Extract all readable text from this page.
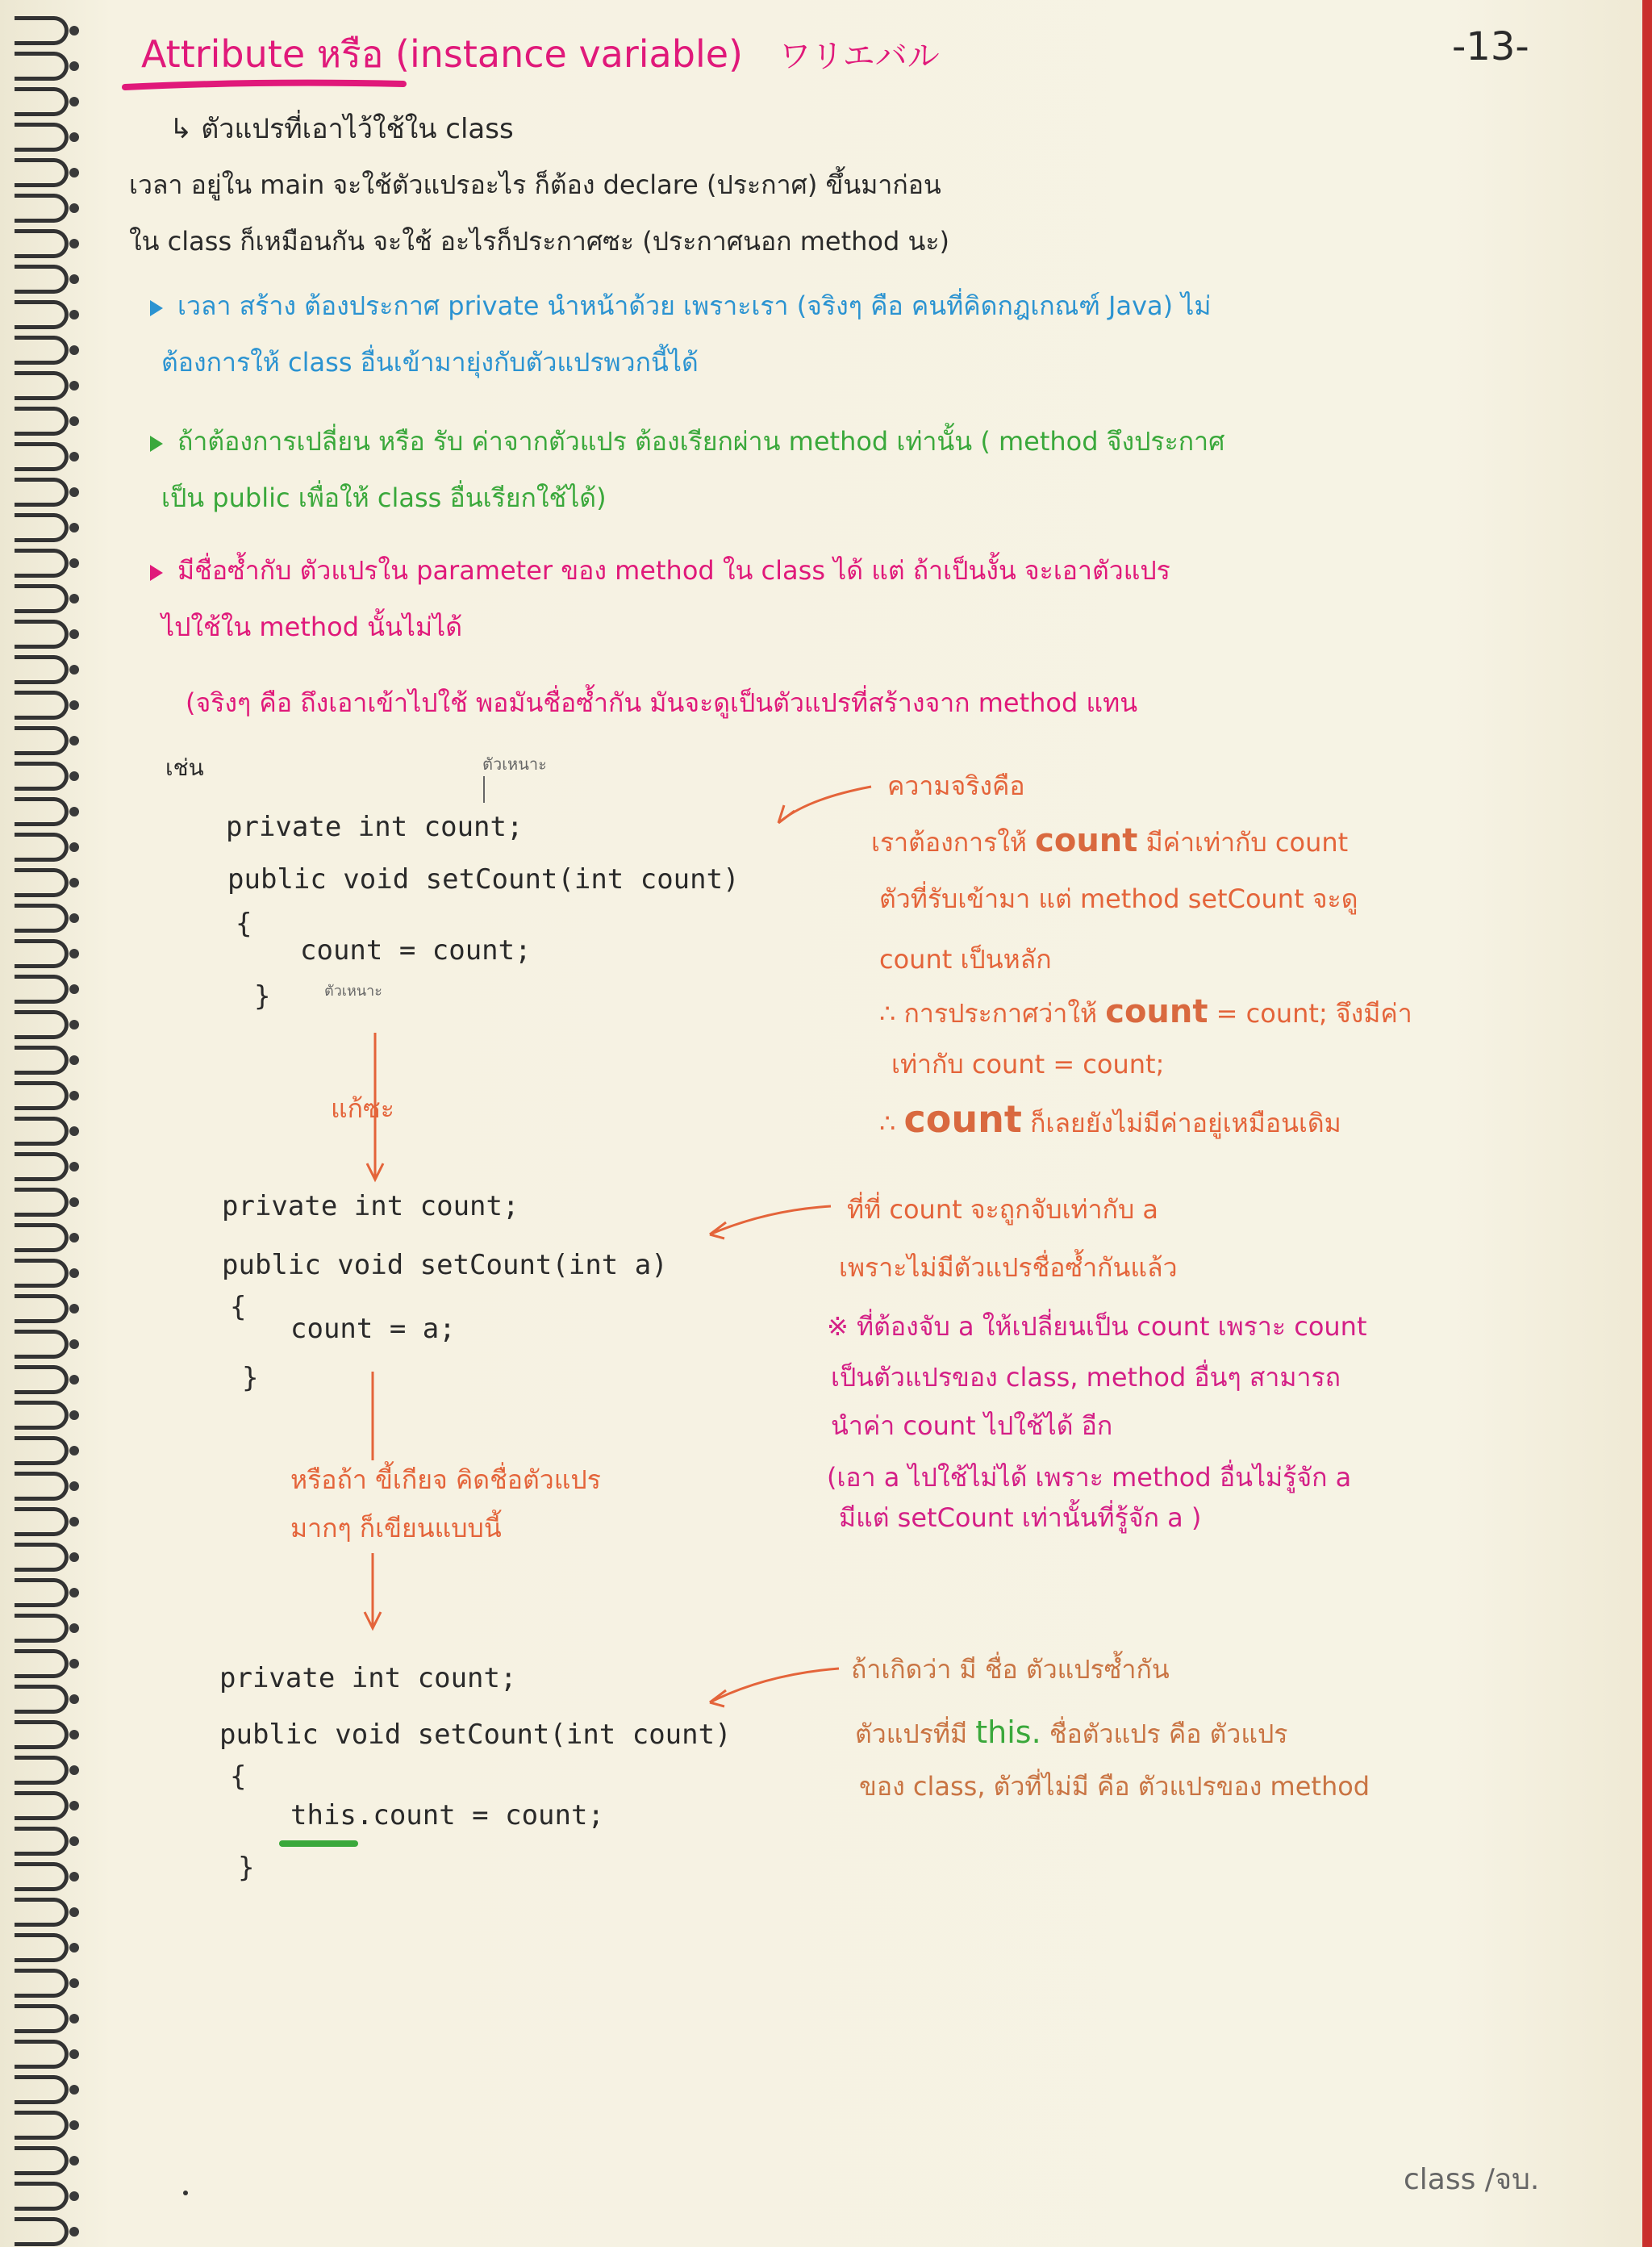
-13-
Attribute หรือ (instance variable) ワリエバル
↳ ตัวแปรที่เอาไว้ใช้ใน class
เวลา อยู่ใน main จะใช้ตัวแปรอะไร ก็ต้อง declare (ประกาศ) ขึ้นมาก่อน
ใน class ก็เหมือนกัน จะใช้ อะไรก็ประกาศซะ (ประกาศนอก method นะ)
เวลา สร้าง ต้องประกาศ private นำหน้าด้วย เพราะเรา (จริงๆ คือ คนที่คิดกฎเกณฑ์ Java) ไม่
ต้องการให้ class อื่นเข้ามายุ่งกับตัวแปรพวกนี้ได้
ถ้าต้องการเปลี่ยน หรือ รับ ค่าจากตัวแปร ต้องเรียกผ่าน method เท่านั้น ( method จึงประกาศ
เป็น public เพื่อให้ class อื่นเรียกใช้ได้)
มีชื่อซ้ำกับ ตัวแปรใน parameter ของ method ใน class ได้ แต่ ถ้าเป็นงั้น จะเอาตัวแปร
ไปใช้ใน method นั้นไม่ได้
(จริงๆ คือ ถึงเอาเข้าไปใช้ พอมันชื่อซ้ำกัน มันจะดูเป็นตัวแปรที่สร้างจาก method แทน
เช่น	ตัวเหนาะ
private int count;
public void setCount(int count)
{
count = count;
ตัวเหนาะ
}
ความจริงคือ
เราต้องการให้ count มีค่าเท่ากับ count
ตัวที่รับเข้ามา แต่ method setCount จะดู
count เป็นหลัก
∴ การประกาศว่าให้ count = count; จึงมีค่า
เท่ากับ count = count;
∴ count ก็เลยยังไม่มีค่าอยู่เหมือนเดิม
แก้ซะ
private int count;
public void setCount(int a)
{
count = a;
}
ที่ที่ count จะถูกจับเท่ากับ a
เพราะไม่มีตัวแปรชื่อซ้ำกันแล้ว
※ ที่ต้องจับ a ให้เปลี่ยนเป็น count เพราะ count
เป็นตัวแปรของ class, method อื่นๆ สามารถ
นำค่า count ไปใช้ได้ อีก
(เอา a ไปใช้ไม่ได้ เพราะ method อื่นไม่รู้จัก a
มีแต่ setCount เท่านั้นที่รู้จัก a )
หรือถ้า ขี้เกียจ คิดชื่อตัวแปร
มากๆ ก็เขียนแบบนี้
private int count;
public void setCount(int count)
{
this.count = count;
}
ถ้าเกิดว่า มี ชื่อ ตัวแปรซ้ำกัน
ตัวแปรที่มี this. ชื่อตัวแปร คือ ตัวแปร
ของ class, ตัวที่ไม่มี คือ ตัวแปรของ method
class /จบ.
